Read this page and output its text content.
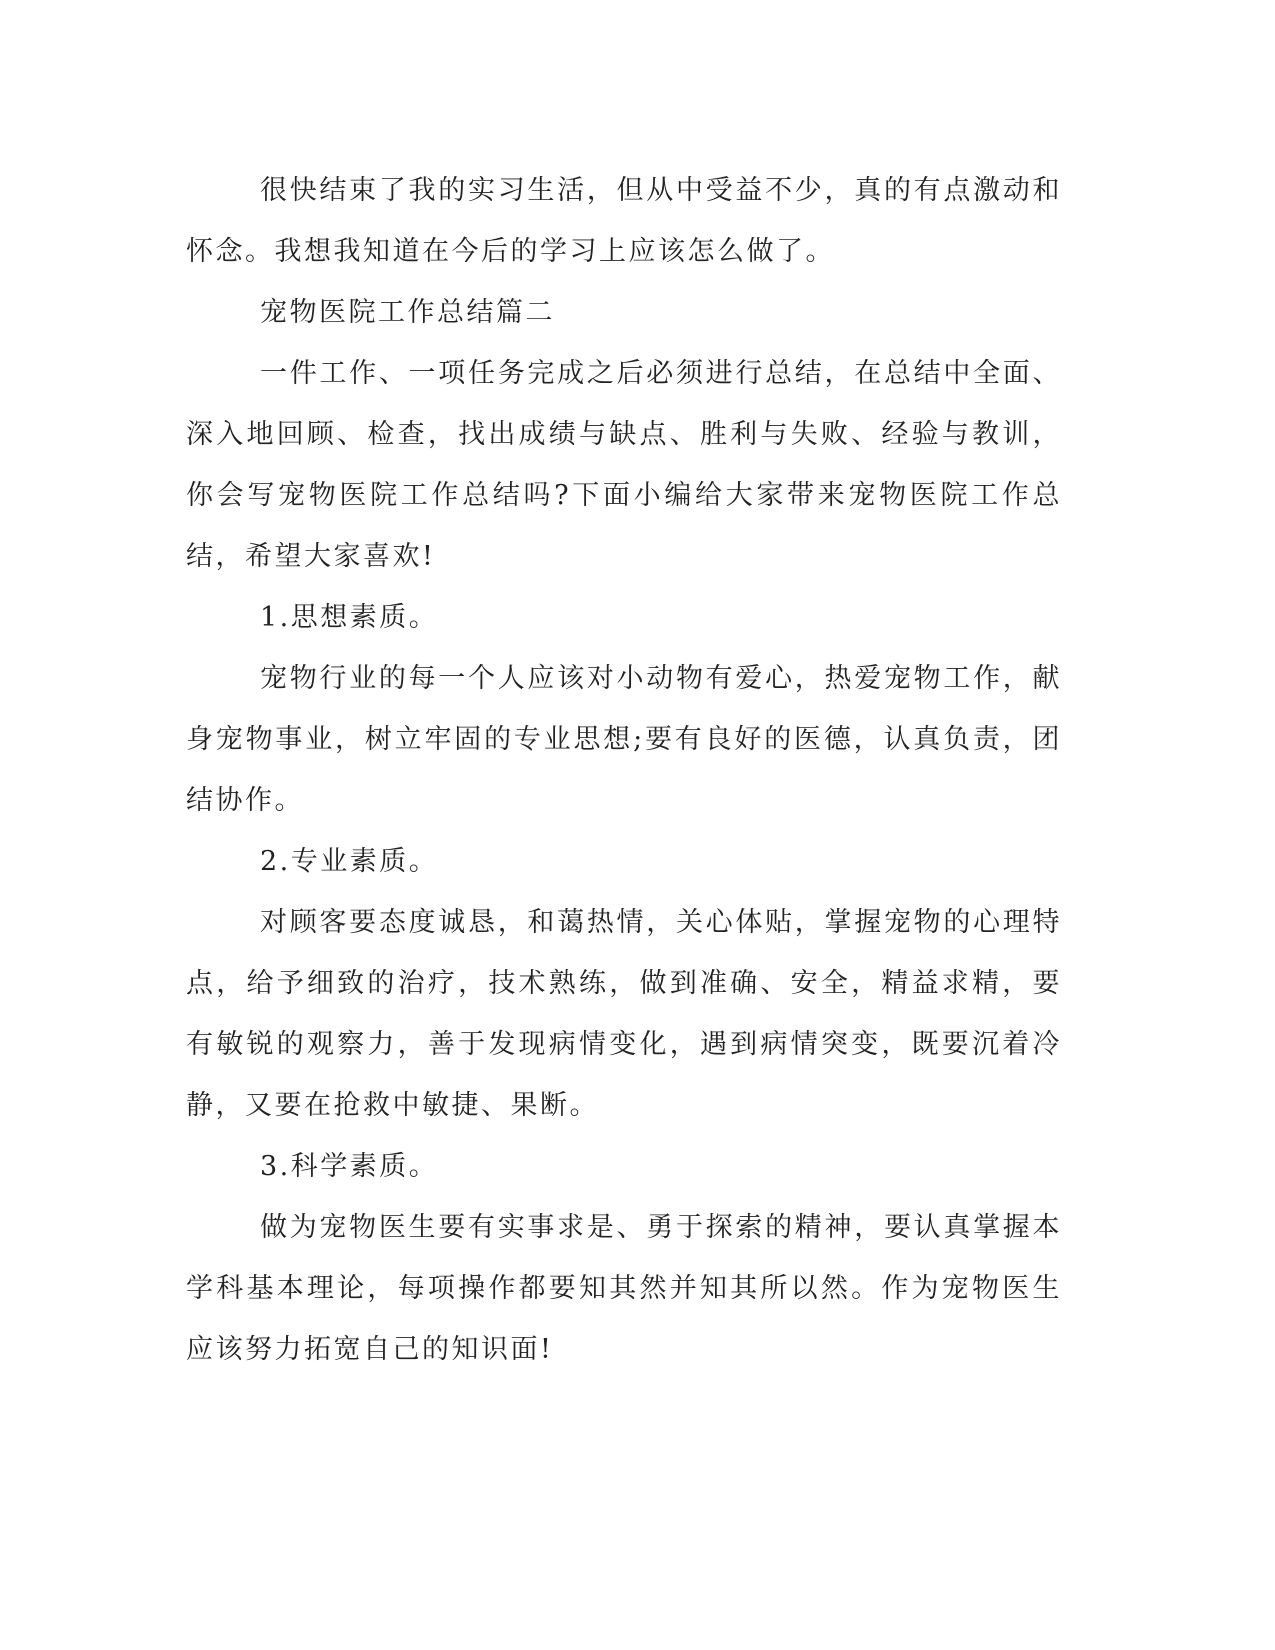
很快结束了我的实习生活，但从中受益不少，真的有点激动和怀念。我想我知道在今后的学习上应该怎么做了。

宠物医院工作总结篇二

一件工作、一项任务完成之后必须进行总结，在总结中全面、深入地回顾、检查，找出成绩与缺点、胜利与失败、经验与教训，你会写宠物医院工作总结吗?下面小编给大家带来宠物医院工作总结，希望大家喜欢!

1.思想素质。

宠物行业的每一个人应该对小动物有爱心，热爱宠物工作，献身宠物事业，树立牢固的专业思想;要有良好的医德，认真负责，团结协作。

2.专业素质。

对顾客要态度诚恳，和蔼热情，关心体贴，掌握宠物的心理特点，给予细致的治疗，技术熟练，做到准确、安全，精益求精，要有敏锐的观察力，善于发现病情变化，遇到病情突变，既要沉着冷静，又要在抢救中敏捷、果断。

3.科学素质。

做为宠物医生要有实事求是、勇于探索的精神，要认真掌握本学科基本理论，每项操作都要知其然并知其所以然。作为宠物医生应该努力拓宽自己的知识面!
